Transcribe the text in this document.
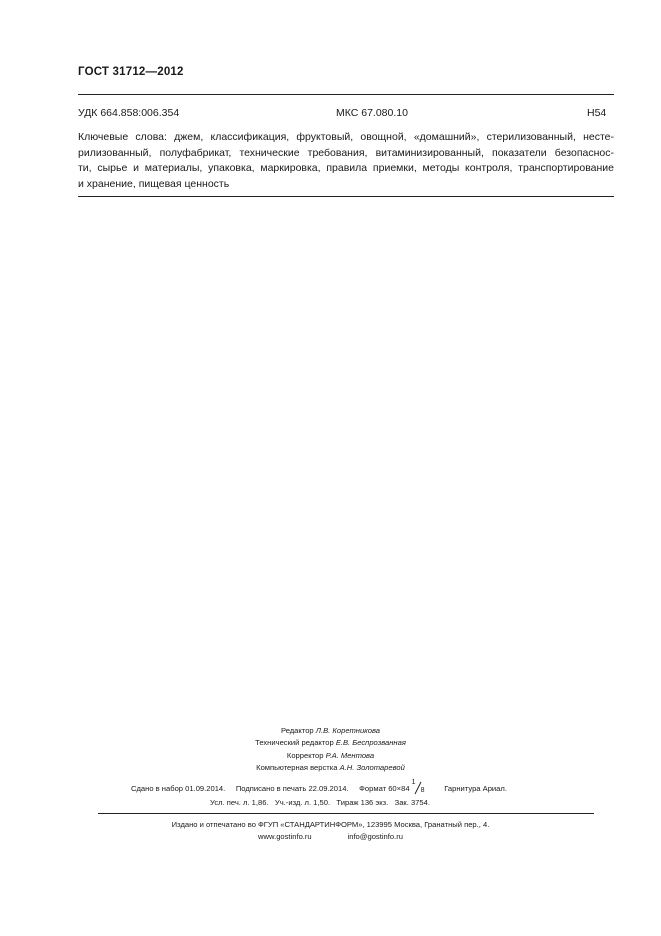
ГОСТ 31712—2012
УДК 664.858:006.354	МКС 67.080.10	Н54
Ключевые слова: джем, классификация, фруктовый, овощной, «домашний», стерилизованный, несте-
рилизованный, полуфабрикат, технические требования, витаминизированный, показатели безопаснос-
ти, сырье и материалы, упаковка, маркировка, правила приемки, методы контроля, транспортирование
и хранение, пищевая ценность
Редактор Л.В. Коретникова
Технический редактор Е.В. Беспрозванная
Корректор Р.А. Ментова
Компьютерная верстка А.Н. Золотаревой
Сдано в набор 01.09.2014. Подписано в печать 22.09.2014. Формат 60×84
1
8	Гарнитура Ариал.
Усл. печ. л. 1,86. Уч.-изд. л. 1,50. Тираж 136 экз. Зак. 3754.
Издано и отпечатано во ФГУП «СТАНДАРТИНФОРМ», 123995 Москва, Гранатный пер., 4.
www.gostinfo.ru	info@gostinfo.ru
